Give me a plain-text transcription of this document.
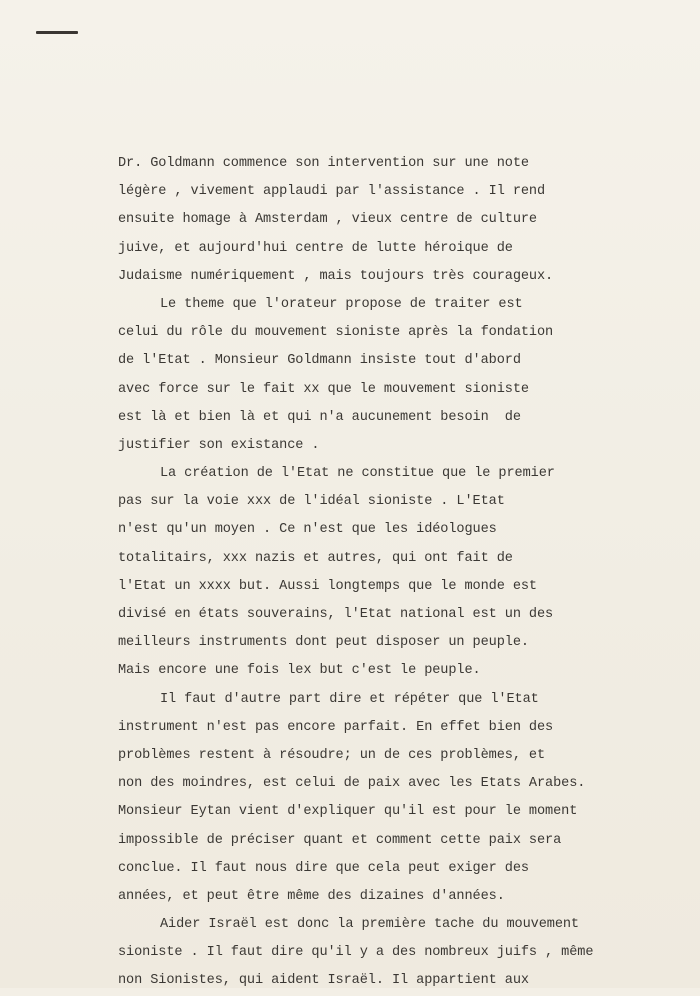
Dr. Goldmann commence son intervention sur une note
légère , vivement applaudi par l'assistance . Il rend
ensuite homage à Amsterdam , vieux centre de culture
juive, et aujourd'hui centre de lutte héroique de
Judaisme numériquement , mais toujours très courageux.
Le theme que l'orateur propose de traiter est
celui du rôle du mouvement sioniste après la fondation
de l'Etat . Monsieur Goldmann insiste tout d'abord
avec force sur le fait xx que le mouvement sioniste
est là et bien là et qui n'a aucunement besoin  de
justifier son existance .
La création de l'Etat ne constitue que le premier
pas sur la voie xxx de l'idéal sioniste . L'Etat
n'est qu'un moyen . Ce n'est que les idéologues
totalitairs, xxx nazis et autres, qui ont fait de
l'Etat un xxxx but. Aussi longtemps que le monde est
divisé en états souverains, l'Etat national est un des
meilleurs instruments dont peut disposer un peuple.
Mais encore une fois lex but c'est le peuple.
Il faut d'autre part dire et répéter que l'Etat
instrument n'est pas encore parfait. En effet bien des
problèmes restent à résoudre; un de ces problèmes, et
non des moindres, est celui de paix avec les Etats Arabes.
Monsieur Eytan vient d'expliquer qu'il est pour le moment
impossible de préciser quant et comment cette paix sera
conclue. Il faut nous dire que cela peut exiger des
années, et peut être même des dizaines d'années.
Aider Israël est donc la première tache du mouvement
sioniste . Il faut dire qu'il y a des nombreux juifs , même
non Sionistes, qui aident Israël. Il appartient aux
